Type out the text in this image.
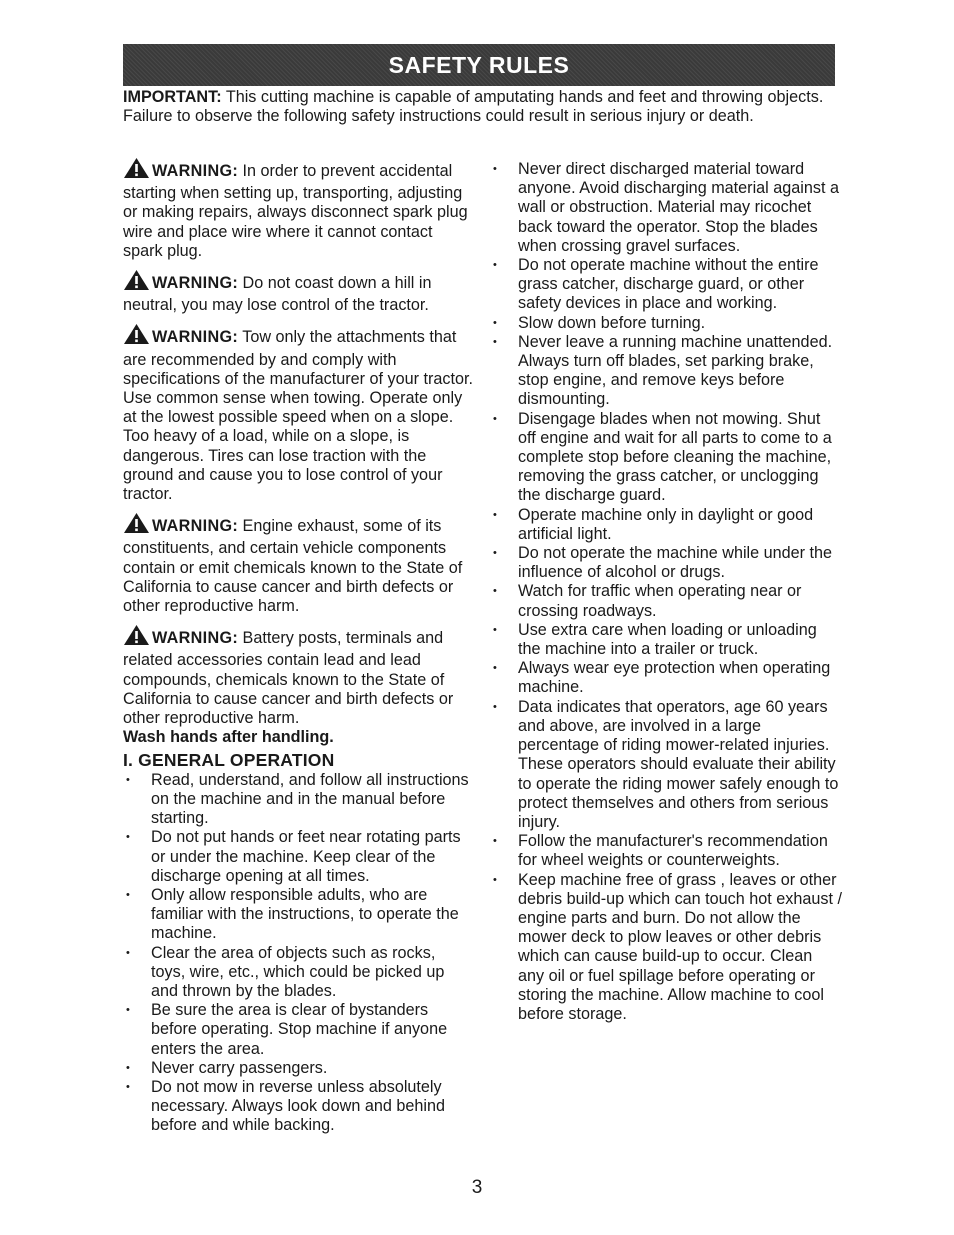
SAFETY RULES
IMPORTANT: This cutting machine is capable of amputating hands and feet and throwing objects. Failure to observe the following safety instructions could result in serious injury or death.
WARNING: In order to prevent accidental starting when setting up, transporting, adjusting or making repairs, always disconnect spark plug wire and place wire where it cannot contact spark plug.
WARNING: Do not coast down a hill in neutral, you may lose control of the tractor.
WARNING: Tow only the attachments that are recommended by and comply with specifications of the manufacturer of your tractor. Use common sense when towing. Operate only at the lowest possible speed when on a slope. Too heavy of a load, while on a slope, is dangerous. Tires can lose traction with the ground and cause you to lose control of your tractor.
WARNING: Engine exhaust, some of its constituents, and certain vehicle components contain or emit chemicals known to the State of California to cause cancer and birth defects or other reproductive harm.
WARNING: Battery posts, terminals and related accessories contain lead and lead compounds, chemicals known to the State of California to cause cancer and birth defects or other reproductive harm.
Wash hands after handling.
I. GENERAL OPERATION
• Read, understand, and follow all instructions on the machine and in the manual before starting.
• Do not put hands or feet near rotating parts or under the machine. Keep clear of the discharge opening at all times.
• Only allow responsible adults, who are familiar with the instructions, to operate the machine.
• Clear the area of objects such as rocks, toys, wire, etc., which could be picked up and thrown by the blades.
• Be sure the area is clear of bystanders before operating. Stop machine if anyone enters the area.
• Never carry passengers.
• Do not mow in reverse unless absolutely necessary. Always look down and behind before and while backing.
• Never direct discharged material toward anyone. Avoid discharging material against a wall or obstruction. Material may ricochet back toward the operator. Stop the blades when crossing gravel surfaces.
• Do not operate machine without the entire grass catcher, discharge guard, or other safety devices in place and working.
• Slow down before turning.
• Never leave a running machine unattended. Always turn off blades, set parking brake, stop engine, and remove keys before dismounting.
• Disengage blades when not mowing. Shut off engine and wait for all parts to come to a complete stop before cleaning the machine, removing the grass catcher, or unclogging the discharge guard.
• Operate machine only in daylight or good artificial light.
• Do not operate the machine while under the influence of alcohol or drugs.
• Watch for traffic when operating near or crossing roadways.
• Use extra care when loading or unloading the machine into a trailer or truck.
• Always wear eye protection when operating machine.
• Data indicates that operators, age 60 years and above, are involved in a large percentage of riding mower-related injuries. These operators should evaluate their ability to operate the riding mower safely enough to protect themselves and others from serious injury.
• Follow the manufacturer's recommendation for wheel weights or counterweights.
• Keep machine free of grass , leaves or other debris build-up which can touch hot exhaust / engine parts and burn. Do not allow the mower deck to plow leaves or other debris which can cause build-up to occur. Clean any oil or fuel spillage before operating or storing the machine. Allow machine to cool before storage.
3
